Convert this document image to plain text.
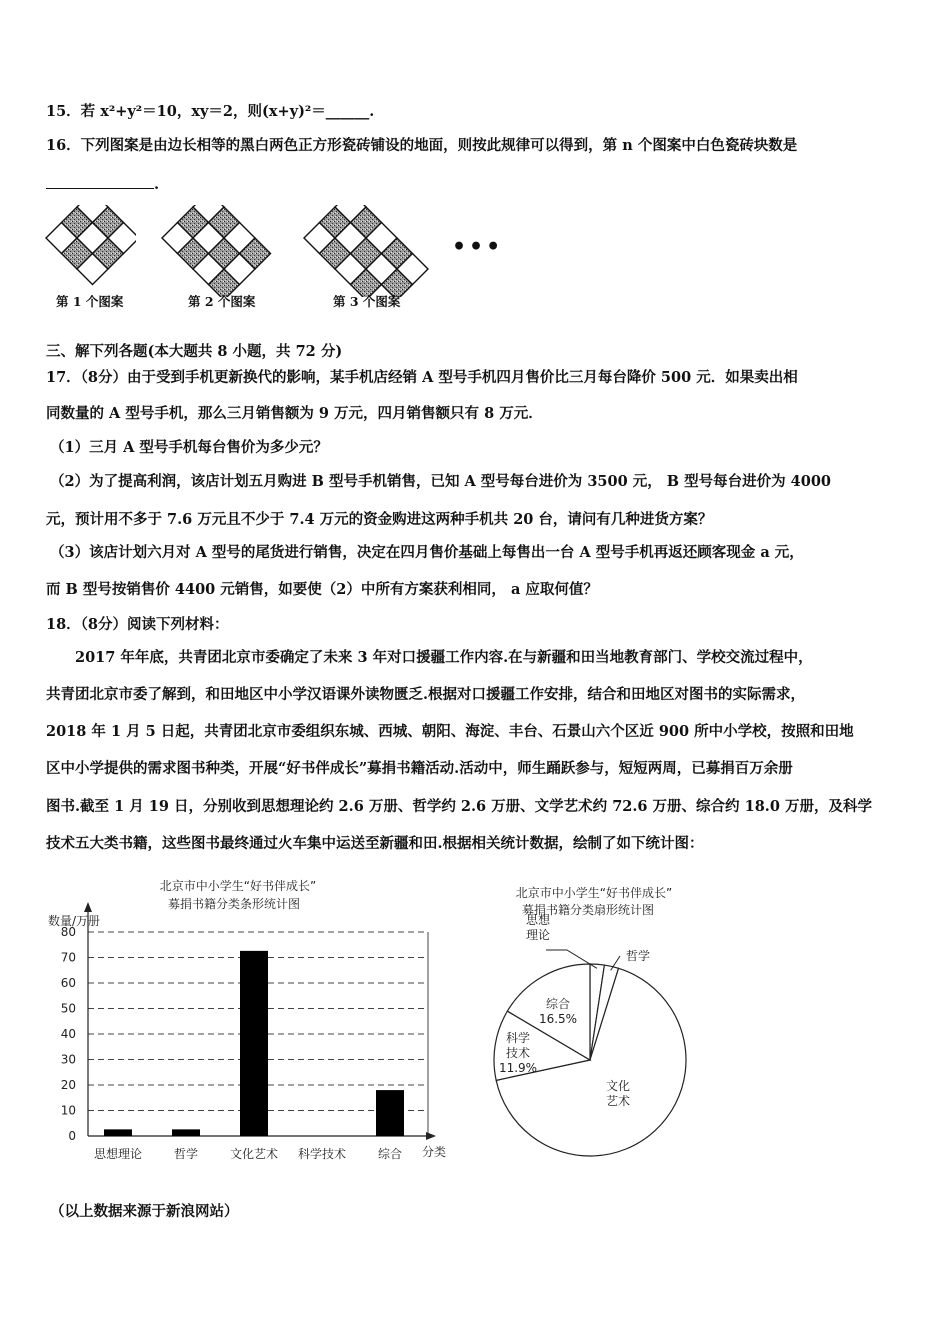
15．若 x²+y²＝10，xy＝2，则(x+y)²＝______.
16．下列图案是由边长相等的黑白两色正方形瓷砖铺设的地面，则按此规律可以得到，第 n 个图案中白色瓷砖块数是
.
•••
第 1 个图案	第 2 个图案	第 3 个图案
三、解下列各题(本大题共 8 小题，共 72 分)
17．（8分）由于受到手机更新换代的影响，某手机店经销 A 型号手机四月售价比三月每台降价 500 元．如果卖出相
同数量的 A 型号手机，那么三月销售额为 9 万元，四月销售额只有 8 万元．
（1）三月 A 型号手机每台售价为多少元？
（2）为了提高利润，该店计划五月购进 B 型号手机销售，已知 A 型号每台进价为 3500 元， B 型号每台进价为 4000
元，预计用不多于 7.6 万元且不少于 7.4 万元的资金购进这两种手机共 20 台，请问有几种进货方案？
（3）该店计划六月对 A 型号的尾货进行销售，决定在四月售价基础上每售出一台 A 型号手机再返还顾客现金 a 元，
而 B 型号按销售价 4400 元销售，如要使（2）中所有方案获利相同， a 应取何值？
18．（8分）阅读下列材料：
　　2017 年年底，共青团北京市委确定了未来 3 年对口援疆工作内容.在与新疆和田当地教育部门、学校交流过程中，
共青团北京市委了解到，和田地区中小学汉语课外读物匮乏.根据对口援疆工作安排，结合和田地区对图书的实际需求，
2018 年 1 月 5 日起，共青团北京市委组织东城、西城、朝阳、海淀、丰台、石景山六个区近 900 所中小学校，按照和田地
区中小学提供的需求图书种类，开展“好书伴成长”募捐书籍活动.活动中，师生踊跃参与，短短两周，已募捐百万余册
图书.截至 1 月 19 日，分别收到思想理论约 2.6 万册、哲学约 2.6 万册、文学艺术约 72.6 万册、综合约 18.0 万册，及科学
技术五大类书籍，这些图书最终通过火车集中运送至新疆和田.根据相关统计数据，绘制了如下统计图：
北京市中小学生“好书伴成长”
募捐书籍分类条形统计图
数量/万册
分类
0
10
20
30
40
50
60
70
80
思想理论	哲学	文化艺术 科学技术	综合
北京市中小学生“好书伴成长”
募捐书籍分类扇形统计图
思想
理论
哲学
综合
16.5%
科学
技术
11.9%
文化
艺术
（以上数据来源于新浪网站）
